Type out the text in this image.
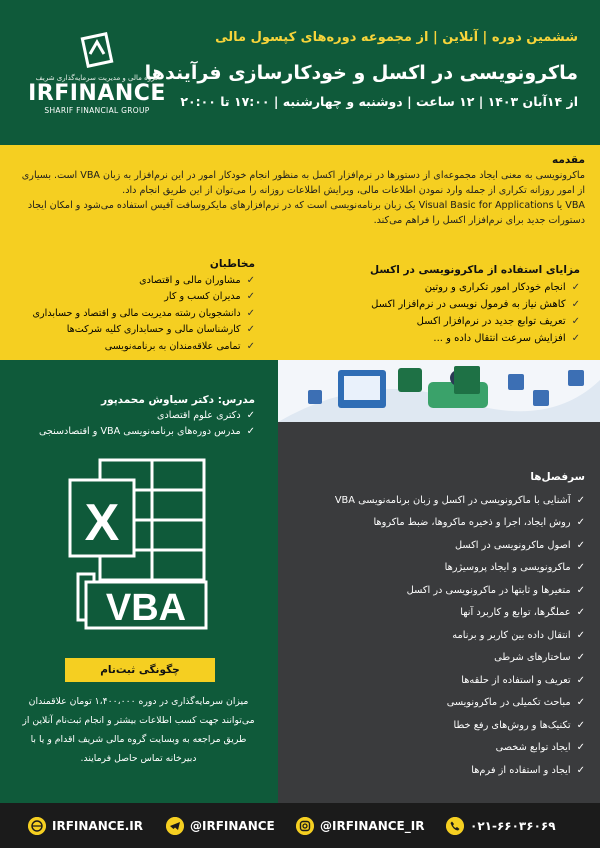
گروه مالی و مدیریت سرمایه‌گذاری شریف
IRFINANCE
SHARIF FINANCIAL GROUP
ششمین دوره | آنلاین | از مجموعه دوره‌های کپسول مالی
ماکرونویسی در اکسل و خودکارسازی فرآیندها
از ۱۴آبان ۱۴۰۳ | ۱۲ ساعت | دوشنبه و چهارشنبه | ۱۷:۰۰ تا ۲۰:۰۰
مقدمه
ماکرونویسی به معنی ایجاد مجموعه‌ای از دستورها در نرم‌افزار اکسل به منظور انجام خودکار امور در این نرم‌افزار به زبان VBA است. بسیاری از امور روزانه تکراری از جمله وارد نمودن اطلاعات مالی، ویرایش اطلاعات روزانه را می‌توان از این طریق انجام داد.
VBA یا Visual Basic for Applications یک زبان برنامه‌نویسی است که در نرم‌افزارهای مایکروسافت آفیس استفاده می‌شود و امکان ایجاد دستورات جدید برای نرم‌افزار اکسل را فراهم می‌کند.
مزایای استفاده از ماکرونویسی در اکسل
✓انجام خودکار امور تکراری و روتین
✓کاهش نیاز به فرمول نویسی در نرم‌افزار اکسل
✓تعریف توابع جدید در نرم‌افزار اکسل
✓افزایش سرعت انتقال داده و ...
مخاطبان
✓مشاوران مالی و اقتصادی
✓مدیران کسب و کار
✓دانشجویان رشته مدیریت مالی و اقتصاد و حسابداری
✓کارشناسان مالی و حسابداری کلیه شرکت‌ها
✓تمامی علاقه‌مندان به برنامه‌نویسی
مدرس: دکتر سیاوش محمدپور
✓دکتری علوم اقتصادی
✓مدرس دوره‌های برنامه‌نویسی VBA و اقتصادسنجی
X
VBA
چگونگی ثبت‌نام
میزان سرمایه‌گذاری در دوره ۱،۴۰۰،۰۰۰ تومان علاقمندان می‌توانند جهت کسب اطلاعات بیشتر و انجام ثبت‌نام آنلاین از طریق مراجعه به وبسایت گروه مالی شریف اقدام و یا با دبیرخانه تماس حاصل فرمایند.
سرفصل‌ها
✓آشنایی با ماکرونویسی در اکسل و زبان برنامه‌نویسی VBA
✓روش ایجاد، اجرا و ذخیره ماکروها، ضبط ماکروها
✓اصول ماکرونویسی در اکسل
✓ماکرونویسی و ایجاد پروسیژرها
✓متغیرها و ثابتها در ماکرونویسی در اکسل
✓عملگرها، توابع و کاربرد آنها
✓انتقال داده بین کاربر و برنامه
✓ساختارهای شرطی
✓تعریف و استفاده از حلقه‌ها
✓مباحث تکمیلی در ماکرونویسی
✓تکنیک‌ها و روش‌های رفع خطا
✓ایجاد توابع شخصی
✓ایجاد و استفاده از فرم‌ها
IRFINANCE.IR	@IRFINANCE	@IRFINANCE_IR	۰۲۱-۶۶۰۳۶۰۶۹
